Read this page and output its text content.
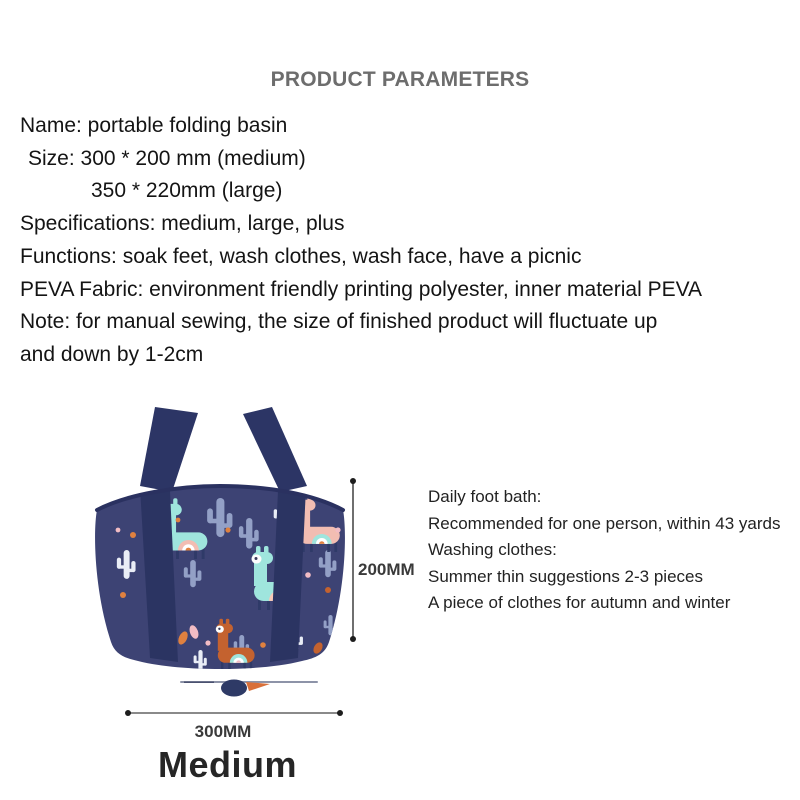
PRODUCT PARAMETERS
Name: portable folding basin
Size: 300 * 200 mm (medium)
350 * 220mm (large)
Specifications: medium, large, plus
Functions: soak feet, wash clothes, wash face, have a picnic
PEVA Fabric: environment friendly printing polyester, inner material PEVA
Note: for manual sewing, the size of finished product will fluctuate up
and down by 1-2cm
200MM
300MM
Daily foot bath:
Recommended for one person, within 43 yards
Washing clothes:
Summer thin suggestions 2-3 pieces
A piece of clothes for autumn and winter
Medium
